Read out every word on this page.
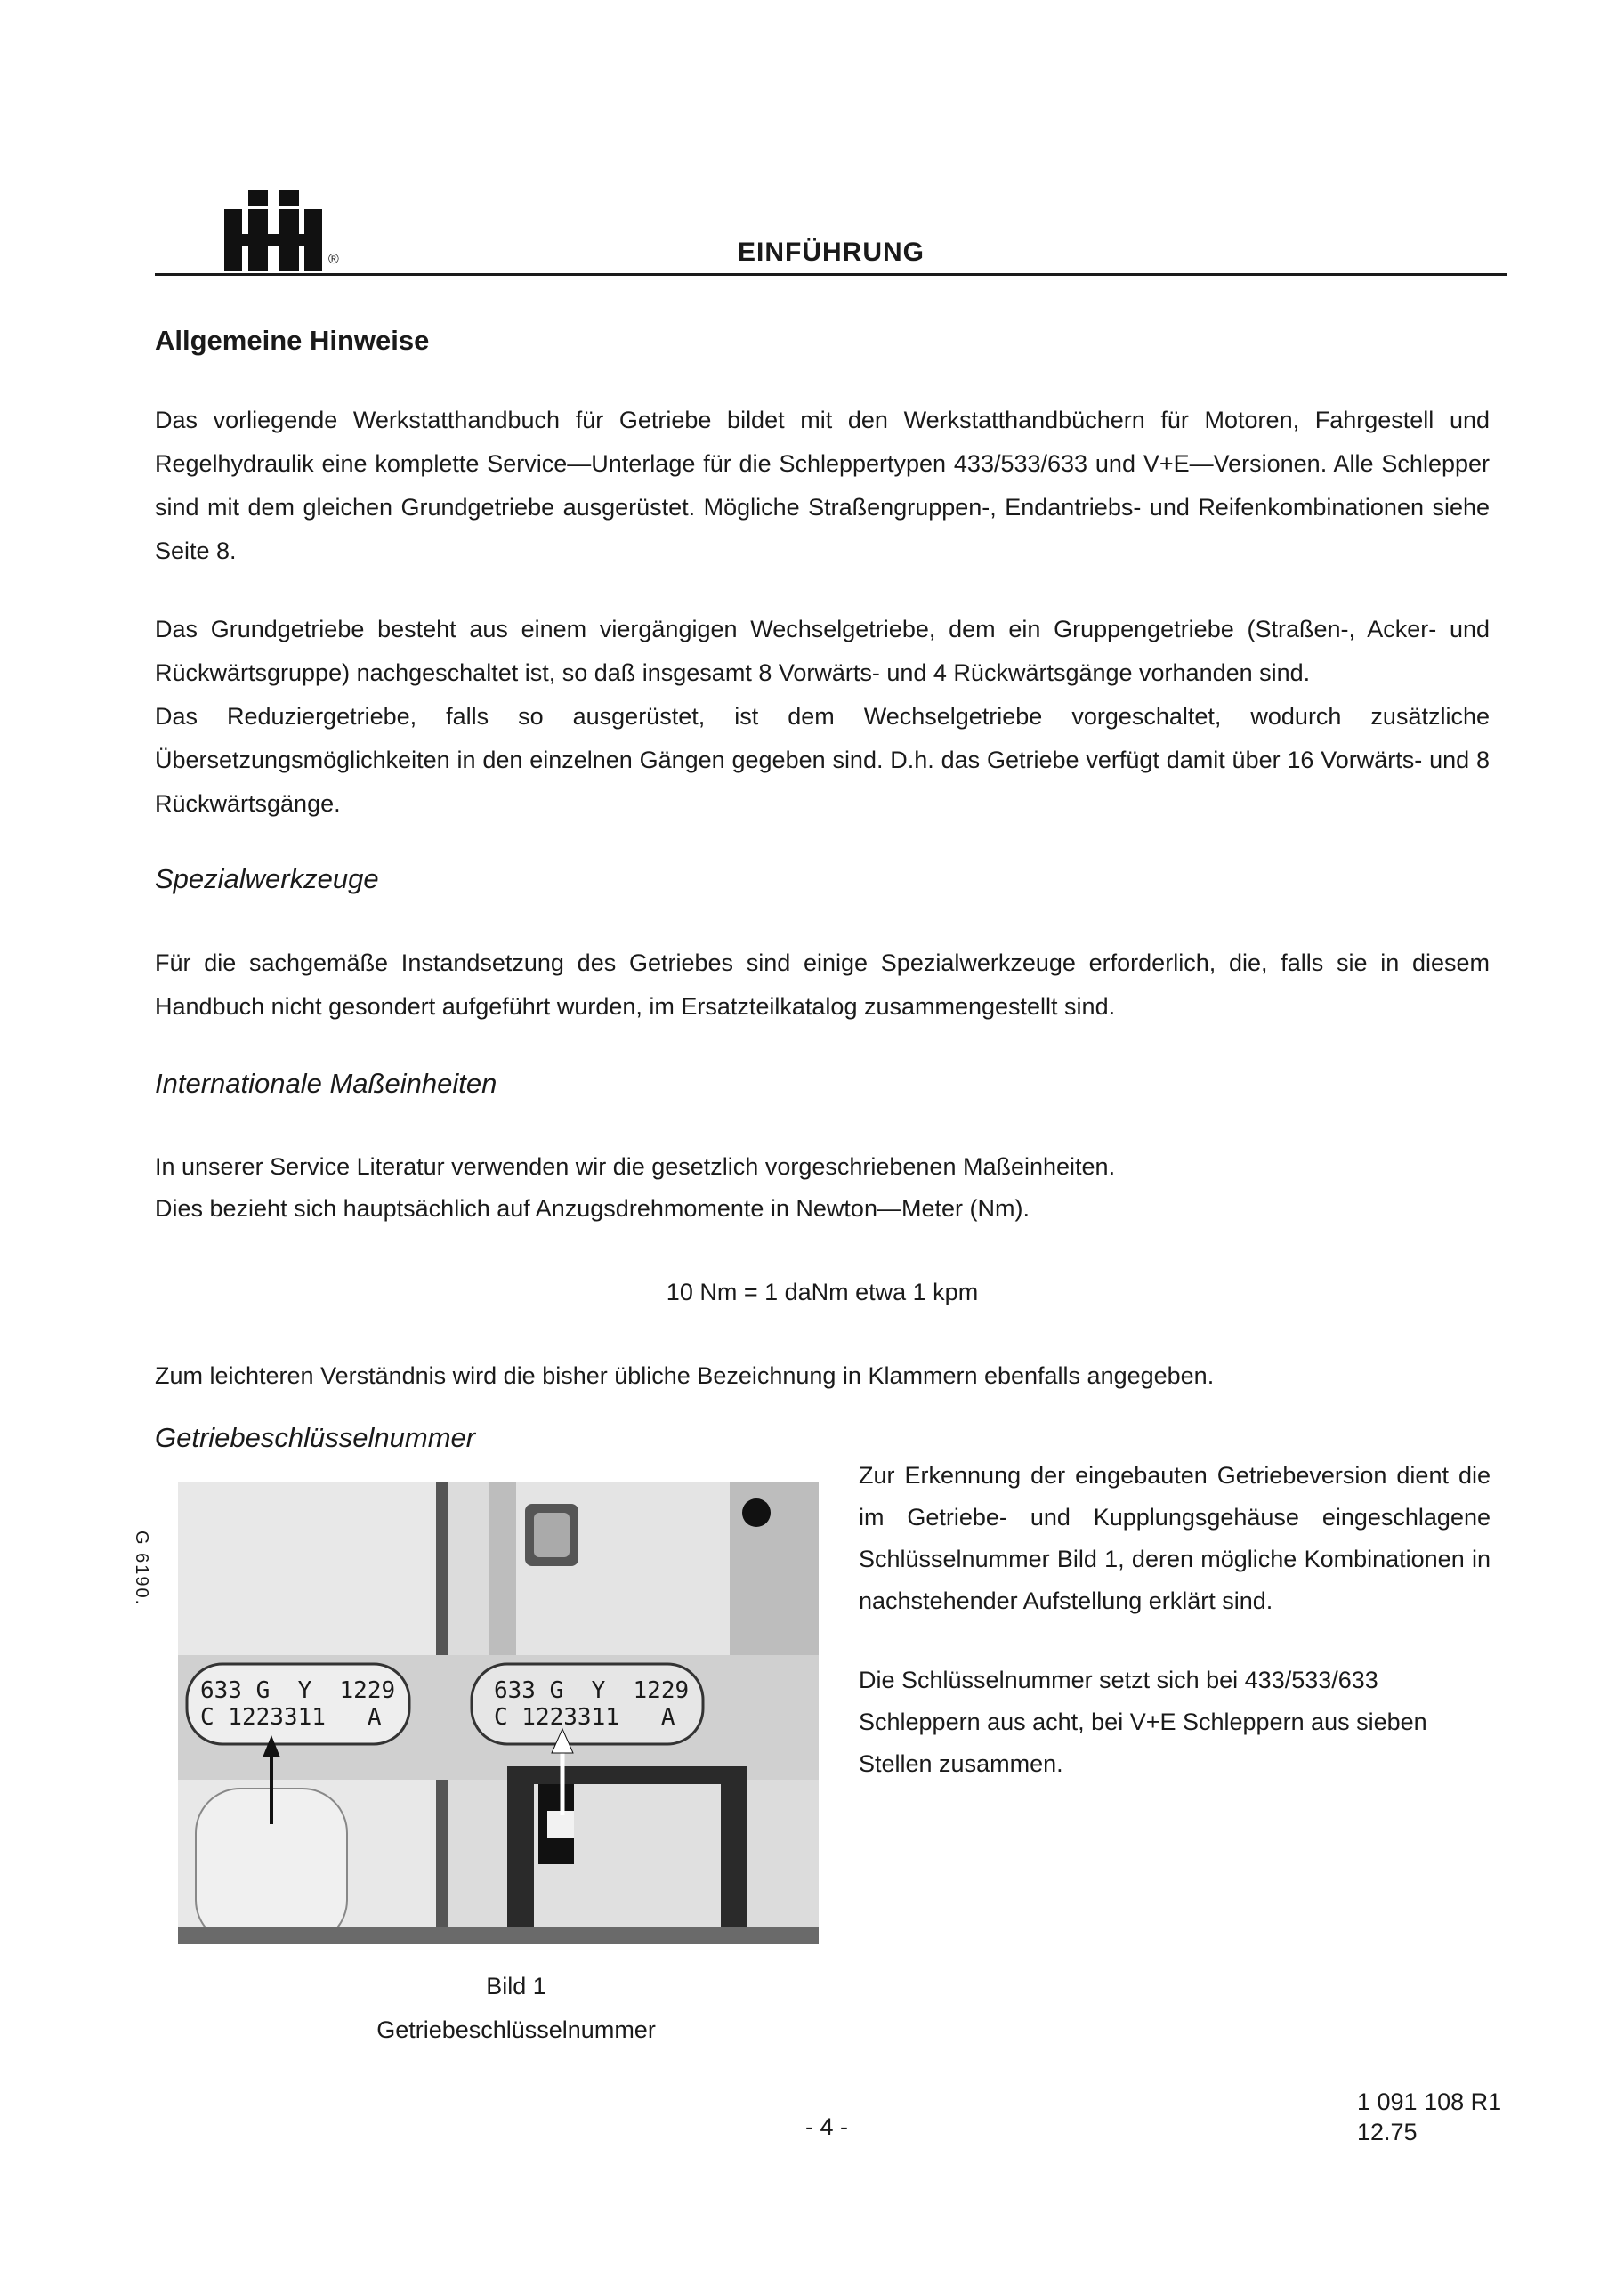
®	EINFÜHRUNG
Allgemeine Hinweise

Das vorliegende Werkstatthandbuch für Getriebe bildet mit den Werkstatthandbüchern für Motoren, Fahrgestell und Regelhydraulik eine komplette Service—Unterlage für die Schleppertypen 433/533/633 und V+E—Versionen. Alle Schlepper sind mit dem gleichen Grundgetriebe ausgerüstet. Mögliche Straßengruppen-, Endantriebs- und Reifenkombinationen siehe Seite 8.

Das Grundgetriebe besteht aus einem viergängigen Wechselgetriebe, dem ein Gruppengetriebe (Straßen-, Acker- und Rückwärtsgruppe) nachgeschaltet ist, so daß insgesamt 8 Vorwärts- und 4 Rückwärtsgänge vorhanden sind.

Das Reduziergetriebe, falls so ausgerüstet, ist dem Wechselgetriebe vorgeschaltet, wodurch zusätzliche Übersetzungsmöglichkeiten in den einzelnen Gängen gegeben sind. D.h. das Getriebe verfügt damit über 16 Vorwärts- und 8 Rückwärtsgänge.

Spezialwerkzeuge

Für die sachgemäße Instandsetzung des Getriebes sind einige Spezialwerkzeuge erforderlich, die, falls sie in diesem Handbuch nicht gesondert aufgeführt wurden, im Ersatzteilkatalog zusammengestellt sind.

Internationale Maßeinheiten

In unserer Service Literatur verwenden wir die gesetzlich vorgeschriebenen Maßeinheiten.

Dies bezieht sich hauptsächlich auf Anzugsdrehmomente in Newton—Meter (Nm).

10 Nm = 1 daNm etwa 1 kpm

Zum leichteren Verständnis wird die bisher übliche Bezeichnung in Klammern ebenfalls angegeben.

Getriebeschlüsselnummer
G 6190.
633 G  Y  1229
C 1223311   A
633 G  Y  1229
C 1223311   A
Bild 1
Getriebeschlüsselnummer

Zur Erkennung der eingebauten Getriebeversion dient die im Getriebe- und Kupplungsgehäuse eingeschlagene Schlüsselnummer Bild 1, deren mögliche Kombinationen in nachstehender Aufstellung erklärt sind.

Die Schlüsselnummer setzt sich bei 433/533/633 Schleppern aus acht, bei V+E Schleppern aus sieben Stellen zusammen.

- 4 -
1 091 108 R1
12.75
